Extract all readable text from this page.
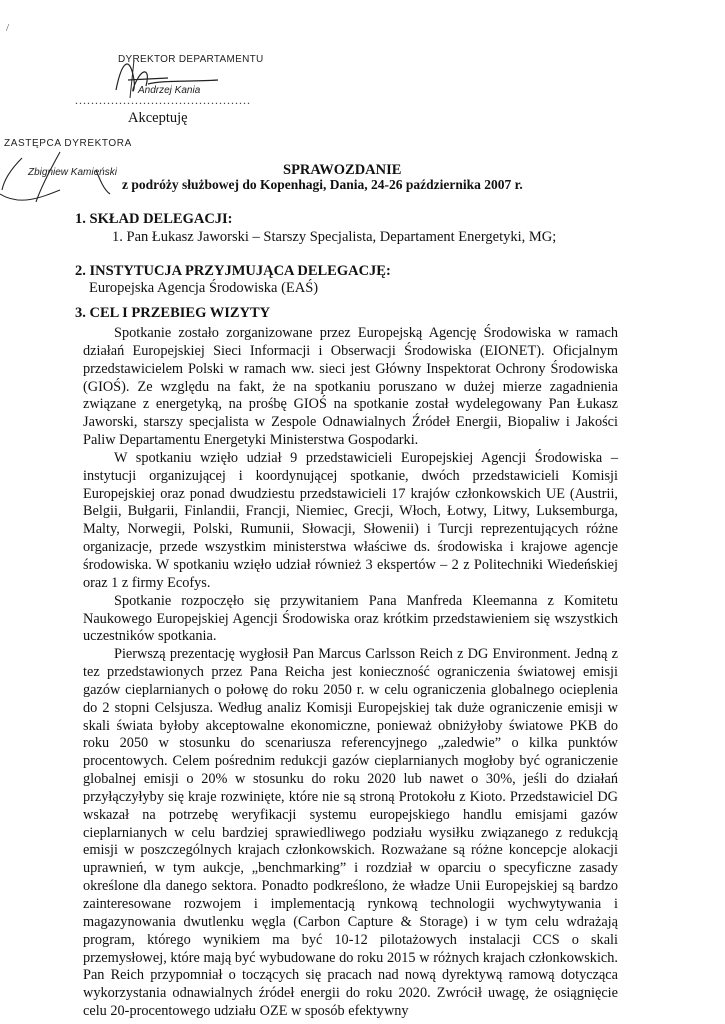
/
DYREKTOR DEPARTAMENTU
Andrzej Kania
............................................
Akceptuję
ZASTĘPCA DYREKTORA
Zbigniew Kamieński	SPRAWOZDANIE
z podróży służbowej do Kopenhagi, Dania, 24-26 października 2007 r.
1. SKŁAD DELEGACJI:
1. Pan Łukasz Jaworski – Starszy Specjalista, Departament Energetyki, MG;
2. INSTYTUCJA PRZYJMUJĄCA DELEGACJĘ:
Europejska Agencja Środowiska (EAŚ)
3. CEL I PRZEBIEG WIZYTY

Spotkanie zostało zorganizowane przez Europejską Agencję Środowiska w ramach działań Europejskiej Sieci Informacji i Obserwacji Środowiska (EIONET). Oficjalnym przedstawicielem Polski w ramach ww. sieci jest Główny Inspektorat Ochrony Środowiska (GIOŚ). Ze względu na fakt, że na spotkaniu poruszano w dużej mierze zagadnienia związane z energetyką, na prośbę GIOŚ na spotkanie został wydelegowany Pan Łukasz Jaworski, starszy specjalista w Zespole Odnawialnych Źródeł Energii, Biopaliw i Jakości Paliw Departamentu Energetyki Ministerstwa Gospodarki.

W spotkaniu wzięło udział 9 przedstawicieli Europejskiej Agencji Środowiska – instytucji organizującej i koordynującej spotkanie, dwóch przedstawicieli Komisji Europejskiej oraz ponad dwudziestu przedstawicieli 17 krajów członkowskich UE (Austrii, Belgii, Bułgarii, Finlandii, Francji, Niemiec, Grecji, Włoch, Łotwy, Litwy, Luksemburga, Malty, Norwegii, Polski, Rumunii, Słowacji, Słowenii) i Turcji reprezentujących różne organizacje, przede wszystkim ministerstwa właściwe ds. środowiska i krajowe agencje środowiska. W spotkaniu wzięło udział również 3 ekspertów – 2 z Politechniki Wiedeńskiej oraz 1 z firmy Ecofys.

Spotkanie rozpoczęło się przywitaniem Pana Manfreda Kleemanna z Komitetu Naukowego Europejskiej Agencji Środowiska oraz krótkim przedstawieniem się wszystkich uczestników spotkania.

Pierwszą prezentację wygłosił Pan Marcus Carlsson Reich z DG Environment. Jedną z tez przedstawionych przez Pana Reicha jest konieczność ograniczenia światowej emisji gazów cieplarnianych o połowę do roku 2050 r. w celu ograniczenia globalnego ocieplenia do 2 stopni Celsjusza. Według analiz Komisji Europejskiej tak duże ograniczenie emisji w skali świata byłoby akceptowalne ekonomiczne, ponieważ obniżyłoby światowe PKB do roku 2050 w stosunku do scenariusza referencyjnego „zaledwie” o kilka punktów procentowych. Celem pośrednim redukcji gazów cieplarnianych mogłoby być ograniczenie globalnej emisji o 20% w stosunku do roku 2020 lub nawet o 30%, jeśli do działań przyłączyłyby się kraje rozwinięte, które nie są stroną Protokołu z Kioto. Przedstawiciel DG wskazał na potrzebę weryfikacji systemu europejskiego handlu emisjami gazów cieplarnianych w celu bardziej sprawiedliwego podziału wysiłku związanego z redukcją emisji w poszczególnych krajach członkowskich. Rozważane są różne koncepcje alokacji uprawnień, w tym aukcje, „benchmarking” i rozdział w oparciu o specyficzne zasady określone dla danego sektora. Ponadto podkreślono, że władze Unii Europejskiej są bardzo zainteresowane rozwojem i implementacją rynkową technologii wychwytywania i magazynowania dwutlenku węgla (Carbon Capture & Storage) i w tym celu wdrażają program, którego wynikiem ma być 10-12 pilotażowych instalacji CCS o skali przemysłowej, które mają być wybudowane do roku 2015 w różnych krajach członkowskich. Pan Reich przypomniał o toczących się pracach nad nową dyrektywą ramową dotycząca wykorzystania odnawialnych źródeł energii do roku 2020. Zwrócił uwagę, że osiągnięcie celu 20-procentowego udziału OZE w sposób efektywny
